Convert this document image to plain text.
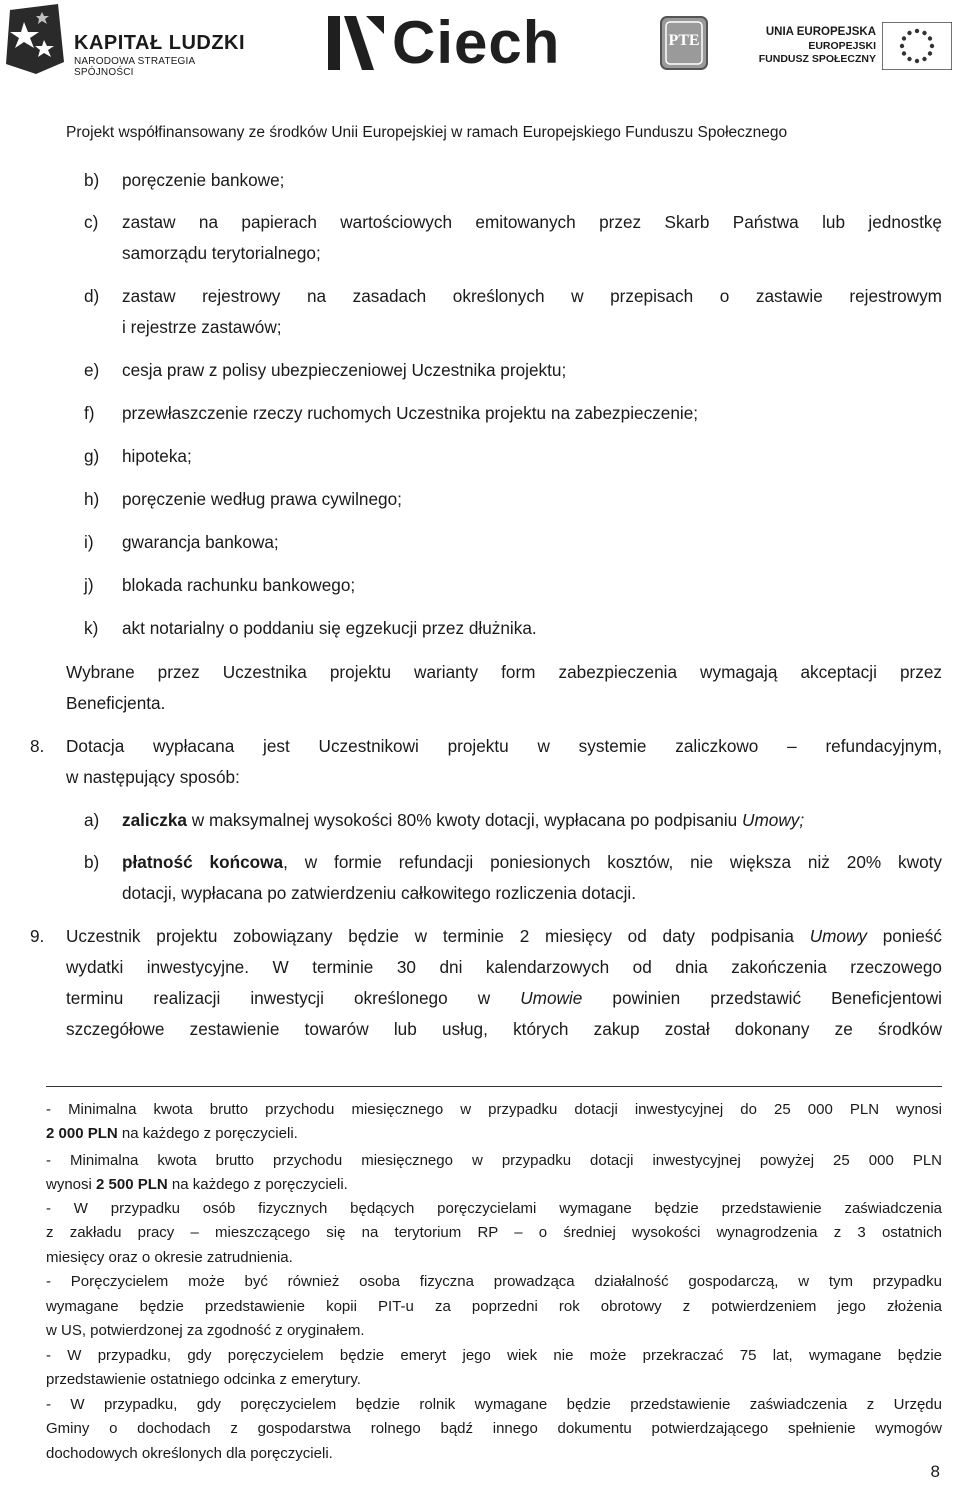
KAPITAŁ LUDZKI
NARODOWA STRATEGIA SPÓJNOŚCI	Ciech	PTE	UNIA EUROPEJSKA
EUROPEJSKI
FUNDUSZ SPOŁECZNY
Projekt współfinansowany ze środków Unii Europejskiej w ramach Europejskiego Funduszu Społecznego
b) poręczenie bankowe;
c) zastaw na papierach wartościowych emitowanych przez Skarb Państwa lub jednostkę
samorządu terytorialnego;
d) zastaw rejestrowy na zasadach określonych w przepisach o zastawie rejestrowym
i rejestrze zastawów;
e) cesja praw z polisy ubezpieczeniowej Uczestnika projektu;
f) przewłaszczenie rzeczy ruchomych Uczestnika projektu na zabezpieczenie;
g) hipoteka;
h) poręczenie według prawa cywilnego;
i) gwarancja bankowa;
j) blokada rachunku bankowego;
k) akt notarialny o poddaniu się egzekucji przez dłużnika.
Wybrane przez Uczestnika projektu warianty form zabezpieczenia wymagają akceptacji przez
Beneficjenta.
8. Dotacja wypłacana jest Uczestnikowi projektu w systemie zaliczkowo – refundacyjnym,
w następujący sposób:
a) zaliczka w maksymalnej wysokości 80% kwoty dotacji, wypłacana po podpisaniu Umowy;
b) płatność końcowa, w formie refundacji poniesionych kosztów, nie większa niż 20% kwoty
dotacji, wypłacana po zatwierdzeniu całkowitego rozliczenia dotacji.
9. Uczestnik projektu zobowiązany będzie w terminie 2 miesięcy od daty podpisania Umowy ponieść
wydatki inwestycyjne. W terminie 30 dni kalendarzowych od dnia zakończenia rzeczowego
terminu realizacji inwestycji określonego w Umowie powinien przedstawić Beneficjentowi
szczegółowe zestawienie towarów lub usług, których zakup został dokonany ze środków
- Minimalna kwota brutto przychodu miesięcznego w przypadku dotacji inwestycyjnej do 25 000 PLN wynosi
2 000 PLN na każdego z poręczycieli.
- Minimalna kwota brutto przychodu miesięcznego w przypadku dotacji inwestycyjnej powyżej 25 000 PLN
wynosi 2 500 PLN na każdego z poręczycieli.
- W przypadku osób fizycznych będących poręczycielami wymagane będzie przedstawienie zaświadczenia
z zakładu pracy – mieszczącego się na terytorium RP – o średniej wysokości wynagrodzenia z 3 ostatnich
miesięcy oraz o okresie zatrudnienia.
- Poręczycielem może być również osoba fizyczna prowadząca działalność gospodarczą, w tym przypadku
wymagane będzie przedstawienie kopii PIT-u za poprzedni rok obrotowy z potwierdzeniem jego złożenia
w US, potwierdzonej za zgodność z oryginałem.
- W przypadku, gdy poręczycielem będzie emeryt jego wiek nie może przekraczać 75 lat, wymagane będzie
przedstawienie ostatniego odcinka z emerytury.
- W przypadku, gdy poręczycielem będzie rolnik wymagane będzie przedstawienie zaświadczenia z Urzędu
Gminy o dochodach z gospodarstwa rolnego bądź innego dokumentu potwierdzającego spełnienie wymogów
dochodowych określonych dla poręczycieli.
8
